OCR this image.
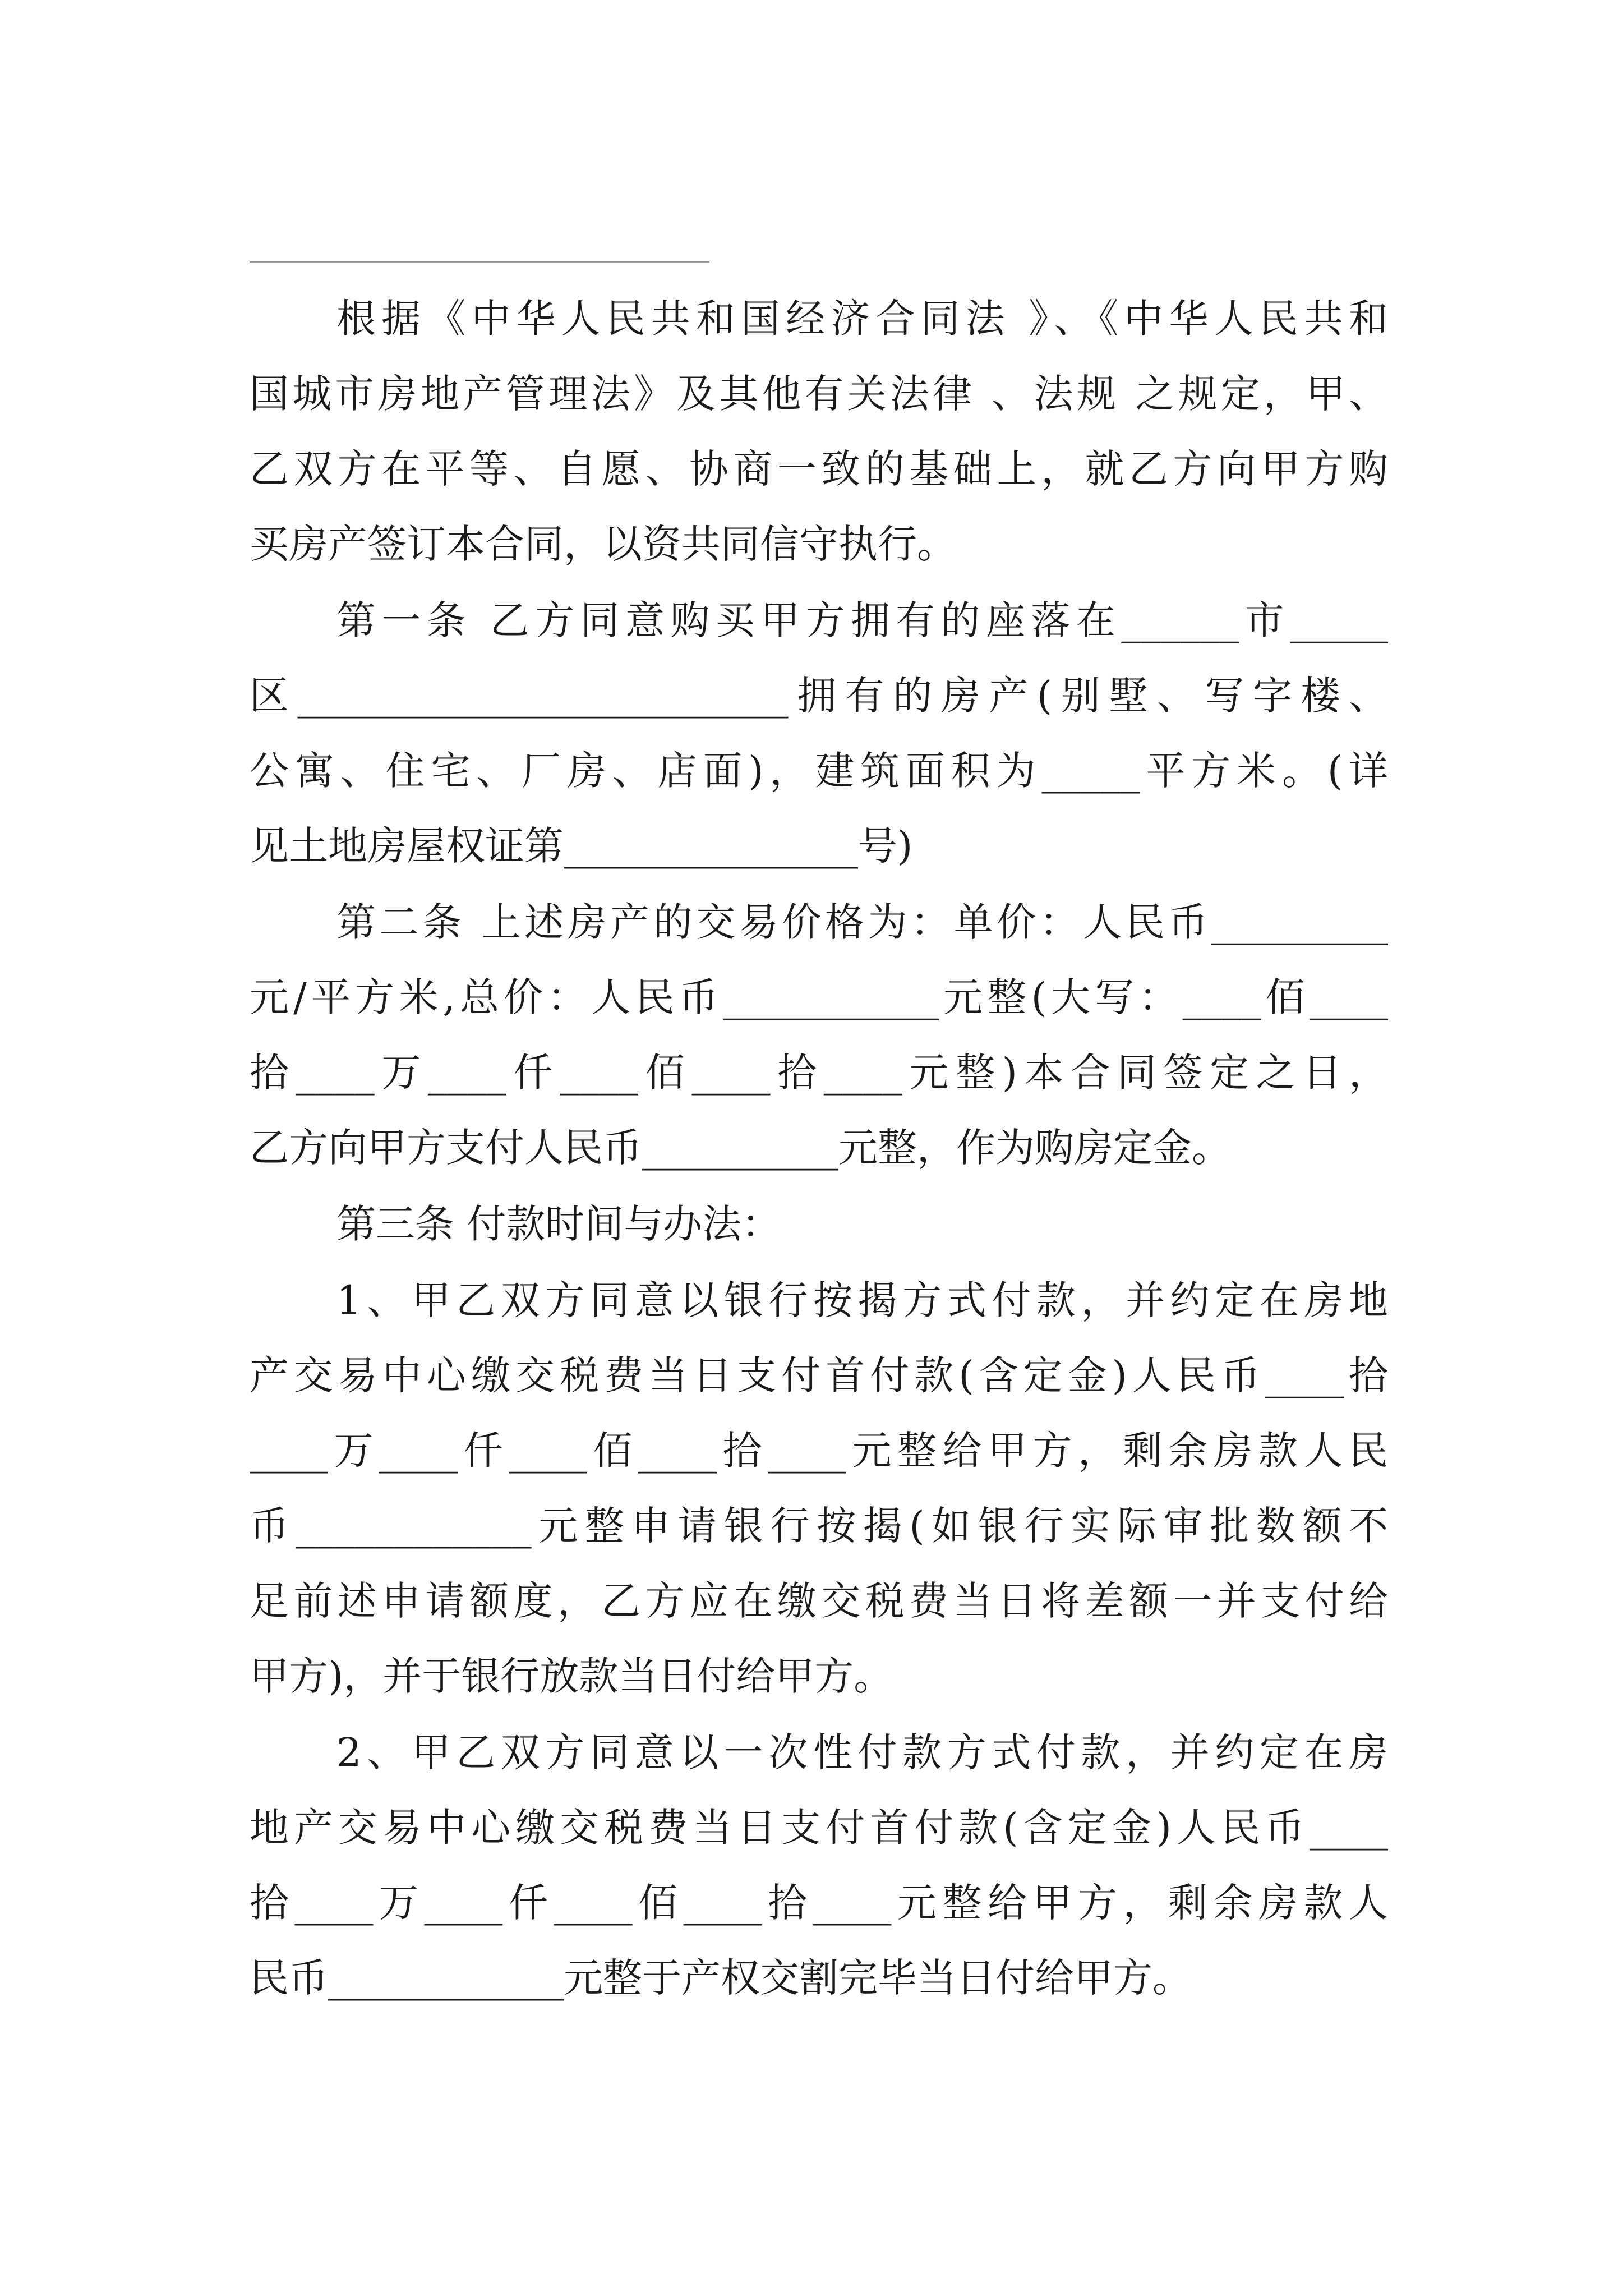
根据《中华人民共和国经济合同法 》、《中华人民共和
国城市房地产管理法》及其他有关法律 、法规 之规定，甲、
乙双方在平等、自愿、协商一致的基础上，就乙方向甲方购
买房产签订本合同，以资共同信守执行。
第一条 乙方同意购买甲方拥有的座落在______市_____
区_________________________拥有的房产(别墅、写字楼、
公寓、住宅、厂房、店面)，建筑面积为_____平方米。(详
见土地房屋权证第_______________号)
第二条 上述房产的交易价格为：单价：人民币_________
元/平方米,总价：人民币___________元整(大写：____佰____
拾____万____仟____佰____拾____元整)本合同签定之日，
乙方向甲方支付人民币__________元整，作为购房定金。
第三条 付款时间与办法：
1、甲乙双方同意以银行按揭方式付款，并约定在房地
产交易中心缴交税费当日支付首付款(含定金)人民币____拾
____万____仟____佰____拾____元整给甲方，剩余房款人民
币____________元整申请银行按揭(如银行实际审批数额不
足前述申请额度，乙方应在缴交税费当日将差额一并支付给
甲方)，并于银行放款当日付给甲方。
2、甲乙双方同意以一次性付款方式付款，并约定在房
地产交易中心缴交税费当日支付首付款(含定金)人民币____
拾____万____仟____佰____拾____元整给甲方，剩余房款人
民币____________元整于产权交割完毕当日付给甲方。
